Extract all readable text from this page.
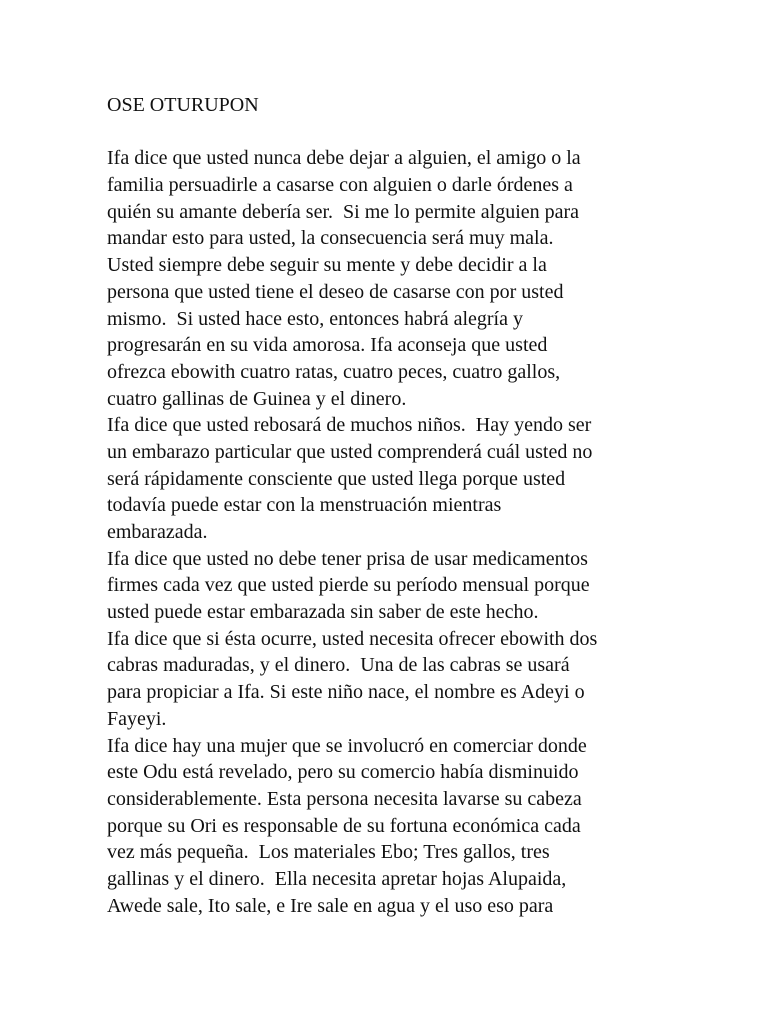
OSE OTURUPON
Ifa dice que usted nunca debe dejar a alguien, el amigo o la
familia persuadirle a casarse con alguien o darle órdenes a
quién su amante debería ser.  Si me lo permite alguien para
mandar esto para usted, la consecuencia será muy mala.
Usted siempre debe seguir su mente y debe decidir a la
persona que usted tiene el deseo de casarse con por usted
mismo.  Si usted hace esto, entonces habrá alegría y
progresarán en su vida amorosa. Ifa aconseja que usted
ofrezca ebowith cuatro ratas, cuatro peces, cuatro gallos,
cuatro gallinas de Guinea y el dinero.
Ifa dice que usted rebosará de muchos niños.  Hay yendo ser
un embarazo particular que usted comprenderá cuál usted no
será rápidamente consciente que usted llega porque usted
todavía puede estar con la menstruación mientras
embarazada.
Ifa dice que usted no debe tener prisa de usar medicamentos
firmes cada vez que usted pierde su período mensual porque
usted puede estar embarazada sin saber de este hecho.
Ifa dice que si ésta ocurre, usted necesita ofrecer ebowith dos
cabras maduradas, y el dinero.  Una de las cabras se usará
para propiciar a Ifa. Si este niño nace, el nombre es Adeyi o
Fayeyi.
Ifa dice hay una mujer que se involucró en comerciar donde
este Odu está revelado, pero su comercio había disminuido
considerablemente. Esta persona necesita lavarse su cabeza
porque su Ori es responsable de su fortuna económica cada
vez más pequeña.  Los materiales Ebo; Tres gallos, tres
gallinas y el dinero.  Ella necesita apretar hojas Alupaida,
Awede sale, Ito sale, e Ire sale en agua y el uso eso para
